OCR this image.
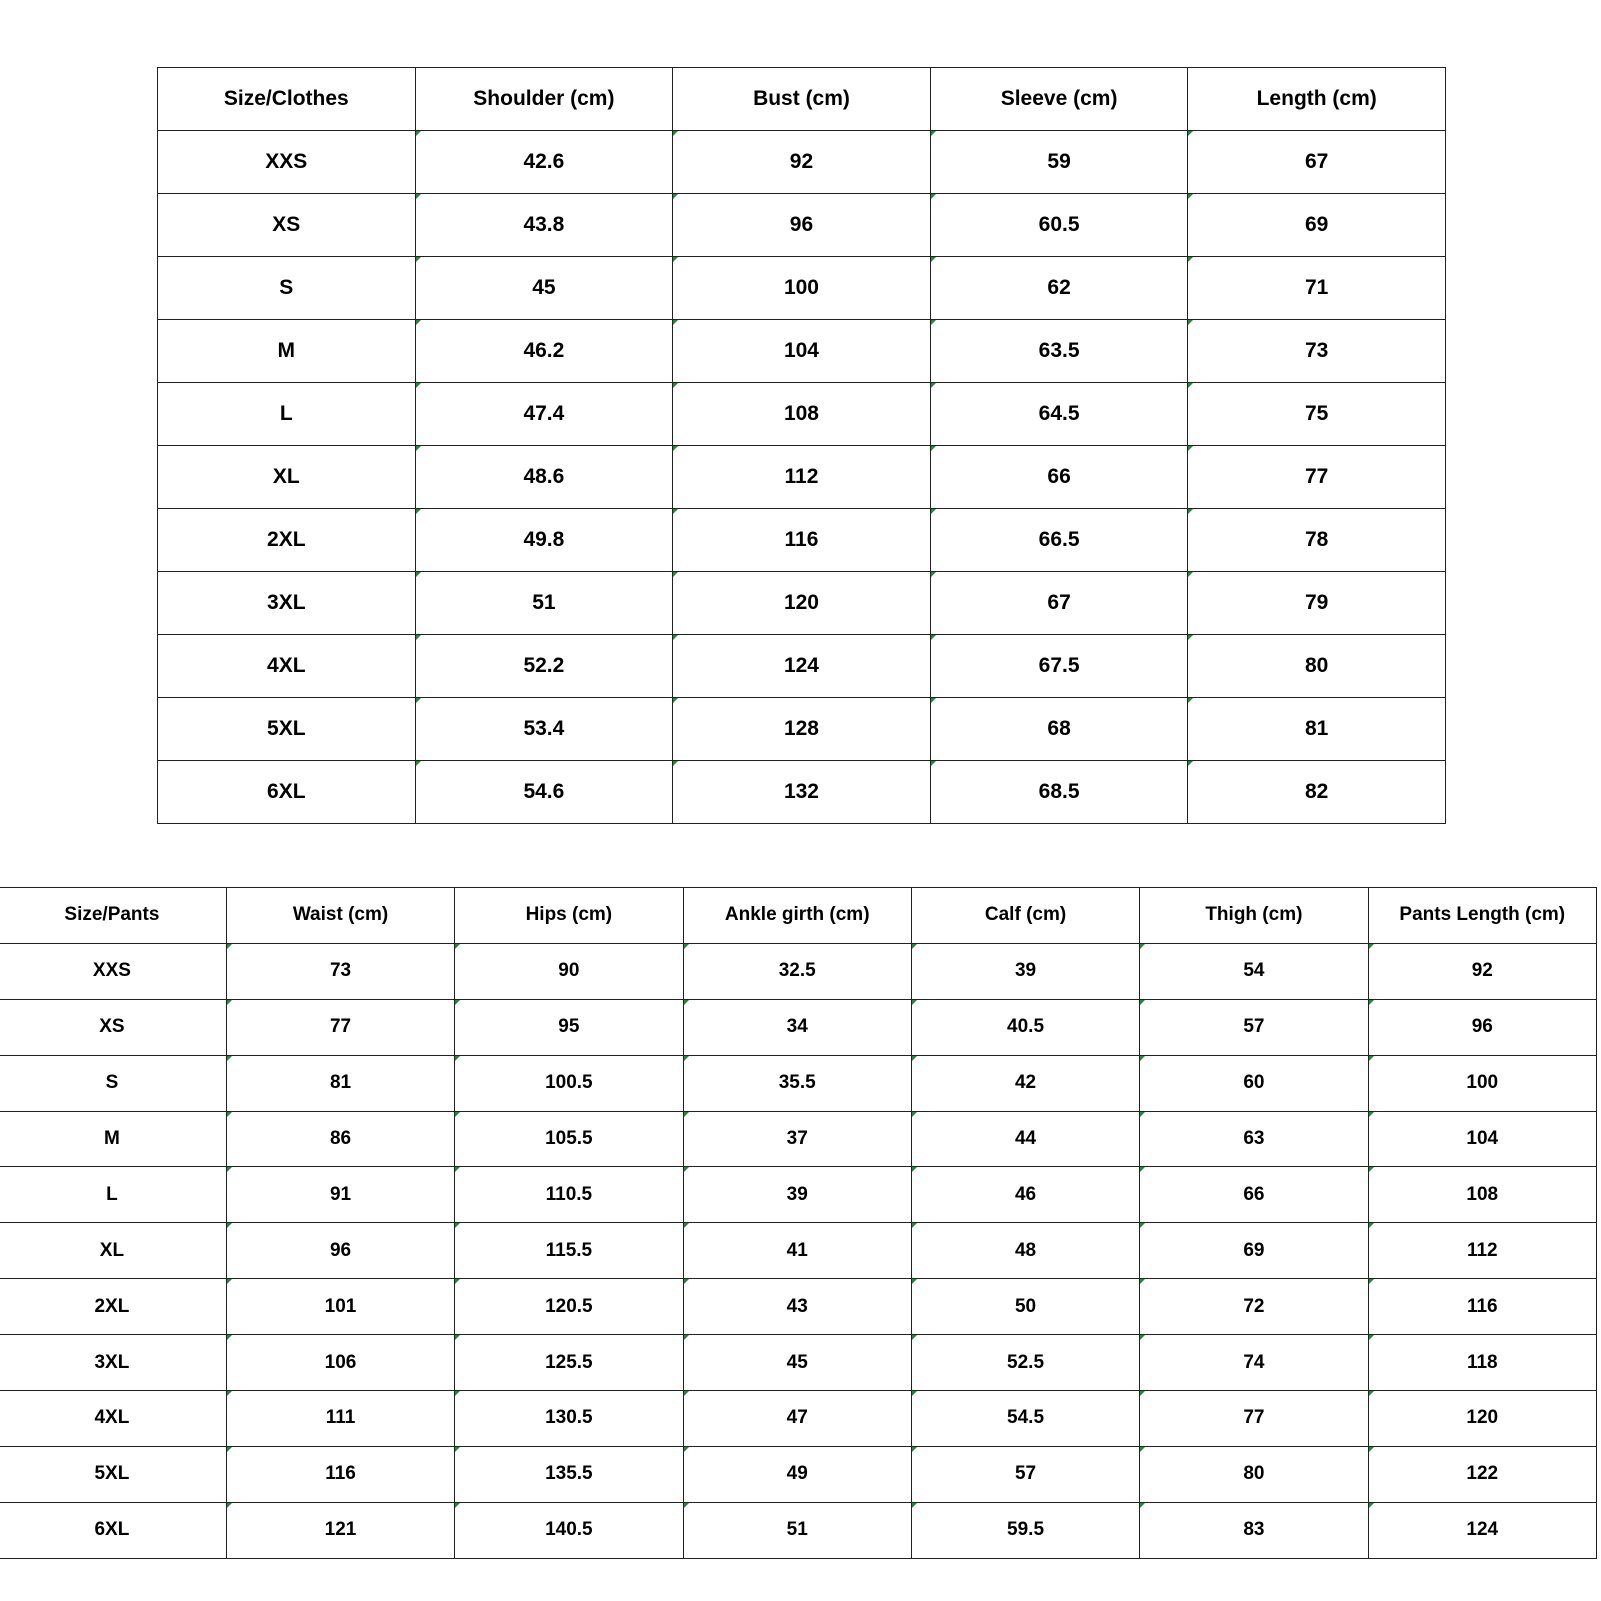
Size/Clothes	Shoulder (cm)	Bust (cm)	Sleeve (cm)	Length (cm)
XXS	42.6	92	59	67
XS	43.8	96	60.5	69
S	45	100	62	71
M	46.2	104	63.5	73
L	47.4	108	64.5	75
XL	48.6	112	66	77
2XL	49.8	116	66.5	78
3XL	51	120	67	79
4XL	52.2	124	67.5	80
5XL	53.4	128	68	81
6XL	54.6	132	68.5	82
Size/Pants	Waist (cm)	Hips (cm)	Ankle girth (cm)	Calf (cm)	Thigh (cm)	Pants Length (cm)
XXS	73	90	32.5	39	54	92
XS	77	95	34	40.5	57	96
S	81	100.5	35.5	42	60	100
M	86	105.5	37	44	63	104
L	91	110.5	39	46	66	108
XL	96	115.5	41	48	69	112
2XL	101	120.5	43	50	72	116
3XL	106	125.5	45	52.5	74	118
4XL	111	130.5	47	54.5	77	120
5XL	116	135.5	49	57	80	122
6XL	121	140.5	51	59.5	83	124
